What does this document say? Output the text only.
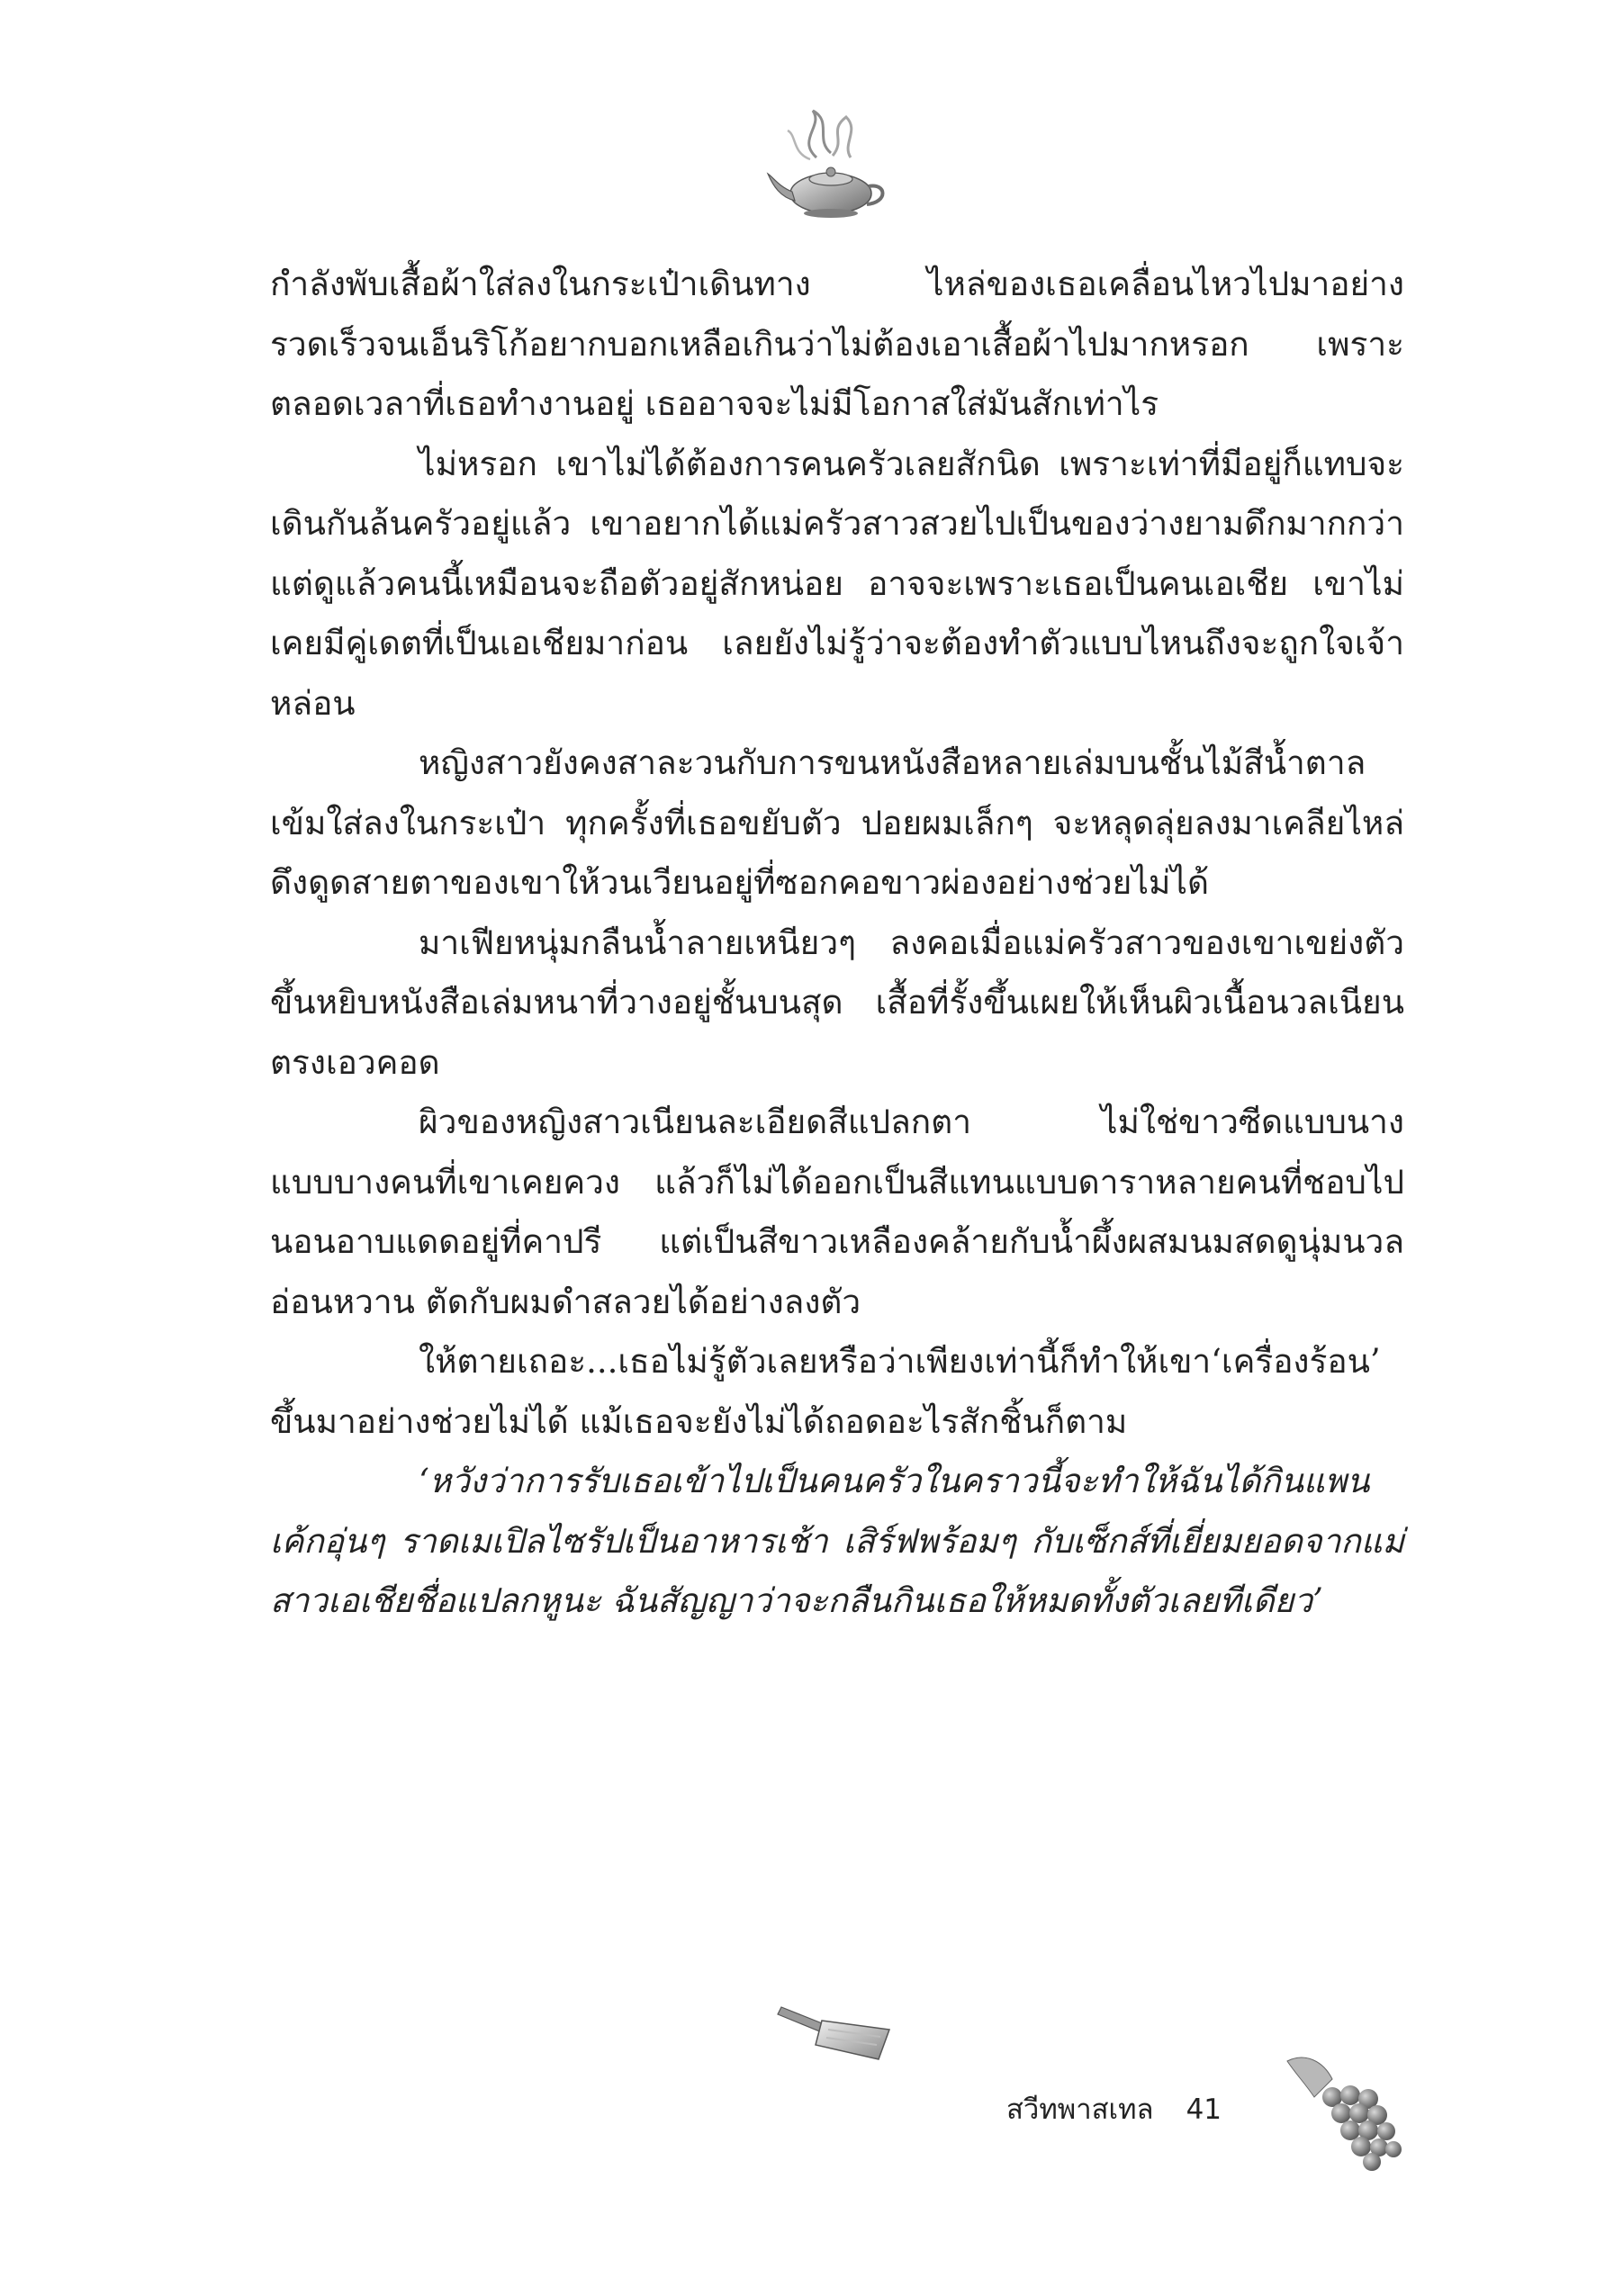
กำลังพับเสื้อผ้าใส่ลงในกระเป๋าเดินทาง ไหล่ของเธอเคลื่อนไหวไปมาอย่างรวดเร็วจนเอ็นริโก้อยากบอกเหลือเกินว่าไม่ต้องเอาเสื้อผ้าไปมากหรอก เพราะตลอดเวลาที่เธอทำงานอยู่ เธออาจจะไม่มีโอกาสใส่มันสักเท่าไร

ไม่หรอก เขาไม่ได้ต้องการคนครัวเลยสักนิด เพราะเท่าที่มีอยู่ก็แทบจะเดินกันล้นครัวอยู่แล้ว เขาอยากได้แม่ครัวสาวสวยไปเป็นของว่างยามดึกมากกว่า แต่ดูแล้วคนนี้เหมือนจะถือตัวอยู่สักหน่อย อาจจะเพราะเธอเป็นคนเอเชีย เขาไม่เคยมีคู่เดตที่เป็นเอเชียมาก่อน เลยยังไม่รู้ว่าจะต้องทำตัวแบบไหนถึงจะถูกใจเจ้าหล่อน

หญิงสาวยังคงสาละวนกับการขนหนังสือหลายเล่มบนชั้นไม้สีน้ำตาลเข้มใส่ลงในกระเป๋า ทุกครั้งที่เธอขยับตัว ปอยผมเล็กๆ จะหลุดลุ่ยลงมาเคลียไหล่ ดึงดูดสายตาของเขาให้วนเวียนอยู่ที่ซอกคอขาวผ่องอย่างช่วยไม่ได้

มาเฟียหนุ่มกลืนน้ำลายเหนียวๆ ลงคอเมื่อแม่ครัวสาวของเขาเขย่งตัวขึ้นหยิบหนังสือเล่มหนาที่วางอยู่ชั้นบนสุด เสื้อที่รั้งขึ้นเผยให้เห็นผิวเนื้อนวลเนียนตรงเอวคอด

ผิวของหญิงสาวเนียนละเอียดสีแปลกตา ไม่ใช่ขาวซีดแบบนางแบบบางคนที่เขาเคยควง แล้วก็ไม่ได้ออกเป็นสีแทนแบบดาราหลายคนที่ชอบไปนอนอาบแดดอยู่ที่คาปรี แต่เป็นสีขาวเหลืองคล้ายกับน้ำผึ้งผสมนมสดดูนุ่มนวลอ่อนหวาน ตัดกับผมดำสลวยได้อย่างลงตัว

ให้ตายเถอะ...เธอไม่รู้ตัวเลยหรือว่าเพียงเท่านี้ก็ทำให้เขา‘เครื่องร้อน’ ขึ้นมาอย่างช่วยไม่ได้ แม้เธอจะยังไม่ได้ถอดอะไรสักชิ้นก็ตาม

‘หวังว่าการรับเธอเข้าไปเป็นคนครัวในคราวนี้จะทำให้ฉันได้กินแพนเค้กอุ่นๆ ราดเมเปิลไซรัปเป็นอาหารเช้า เสิร์ฟพร้อมๆ กับเซ็กส์ที่เยี่ยมยอดจากแม่สาวเอเชียชื่อแปลกหูนะ ฉันสัญญาว่าจะกลืนกินเธอให้หมดทั้งตัวเลยทีเดียว’

สวีทพาสเทล 41
